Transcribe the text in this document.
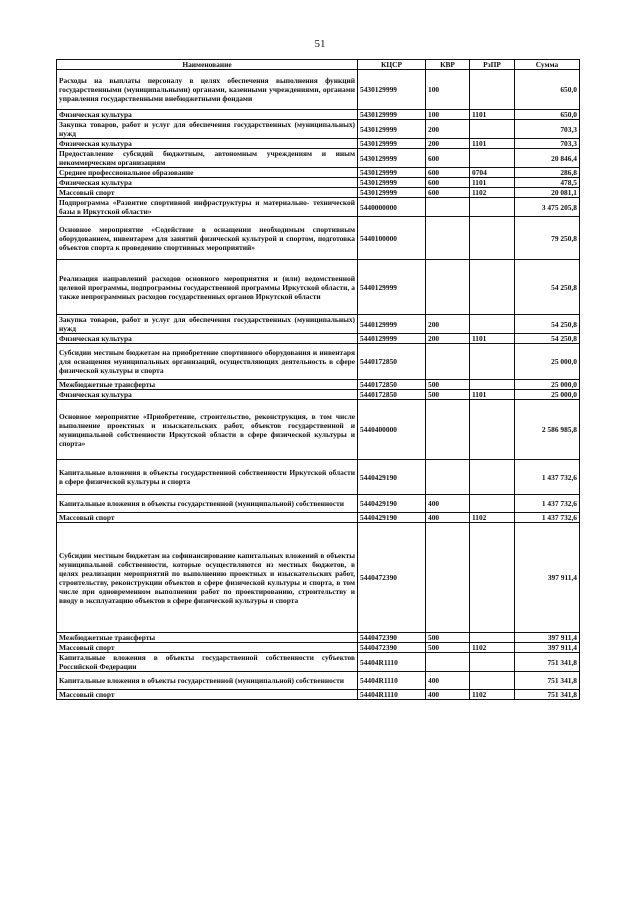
51
Наименование	КЦСР	КВР	РзПР	Сумма
Расходы на выплаты персоналу в целях обеспечения выполнения функций государственными (муниципальными) органами, казенными учреждениями, органами управления государственными внебюджетными фондами	5430129999	100		650,0
Физическая культура	5430129999	100	1101	650,0
Закупка товаров, работ и услуг для обеспечения государственных (муниципальных) нужд	5430129999	200		703,3
Физическая культура	5430129999	200	1101	703,3
Предоставление субсидий бюджетным, автономным учреждениям и иным некоммерческим организациям	5430129999	600		20 846,4
Среднее профессиональное образование	5430129999	600	0704	286,8
Физическая культура	5430129999	600	1101	478,5
Массовый спорт	5430129999	600	1102	20 081,1
Подпрограмма «Развитие спортивной инфраструктуры и материально- технической базы в Иркутской области»	5440000000			3 475 205,8
Основное мероприятие «Содействие в оснащении необходимым спортивным оборудованием, инвентарем для занятий физической культурой и спортом, подготовка объектов спорта к проведению спортивных мероприятий»	5440100000			79 250,8
Реализация направлений расходов основного мероприятия и (или) ведомственной целевой программы, подпрограммы государственной программы Иркутской области, а также непрограммных расходов государственных органов Иркутской области	5440129999			54 250,8
Закупка товаров, работ и услуг для обеспечения государственных (муниципальных) нужд	5440129999	200		54 250,8
Физическая культура	5440129999	200	1101	54 250,8
Субсидии местным бюджетам на приобретение спортивного оборудования и инвентаря для оснащения муниципальных организаций, осуществляющих деятельность в сфере физической культуры и спорта	5440172850			25 000,0
Межбюджетные трансферты	5440172850	500		25 000,0
Физическая культура	5440172850	500	1101	25 000,0
Основное мероприятие «Приобретение, строительство, реконструкция, в том числе выполнение проектных и изыскательских работ, объектов государственной и муниципальной собственности Иркутской области в сфере физической культуры и спорта»	5440400000			2 586 985,8
Капитальные вложения в объекты государственной собственности Иркутской области в сфере физической культуры и спорта	5440429190			1 437 732,6
Капитальные вложения в объекты государственной (муниципальной) собственности	5440429190	400		1 437 732,6
Массовый спорт	5440429190	400	1102	1 437 732,6
Субсидии местным бюджетам на софинансирование капитальных вложений в объекты муниципальной собственности, которые осуществляются из местных бюджетов, в целях реализации мероприятий по выполнению проектных и изыскательских работ, строительству, реконструкции объектов в сфере физической культуры и спорта, в том числе при одновременном выполнении работ по проектированию, строительству и вводу в эксплуатацию объектов в сфере физической культуры и спорта	5440472390			397 911,4
Межбюджетные трансферты	5440472390	500		397 911,4
Массовый спорт	5440472390	500	1102	397 911,4
Капитальные вложения в объекты государственной собственности субъектов Российской Федерации	54404R1110			751 341,8
Капитальные вложения в объекты государственной (муниципальной) собственности	54404R1110	400		751 341,8
Массовый спорт	54404R1110	400	1102	751 341,8
